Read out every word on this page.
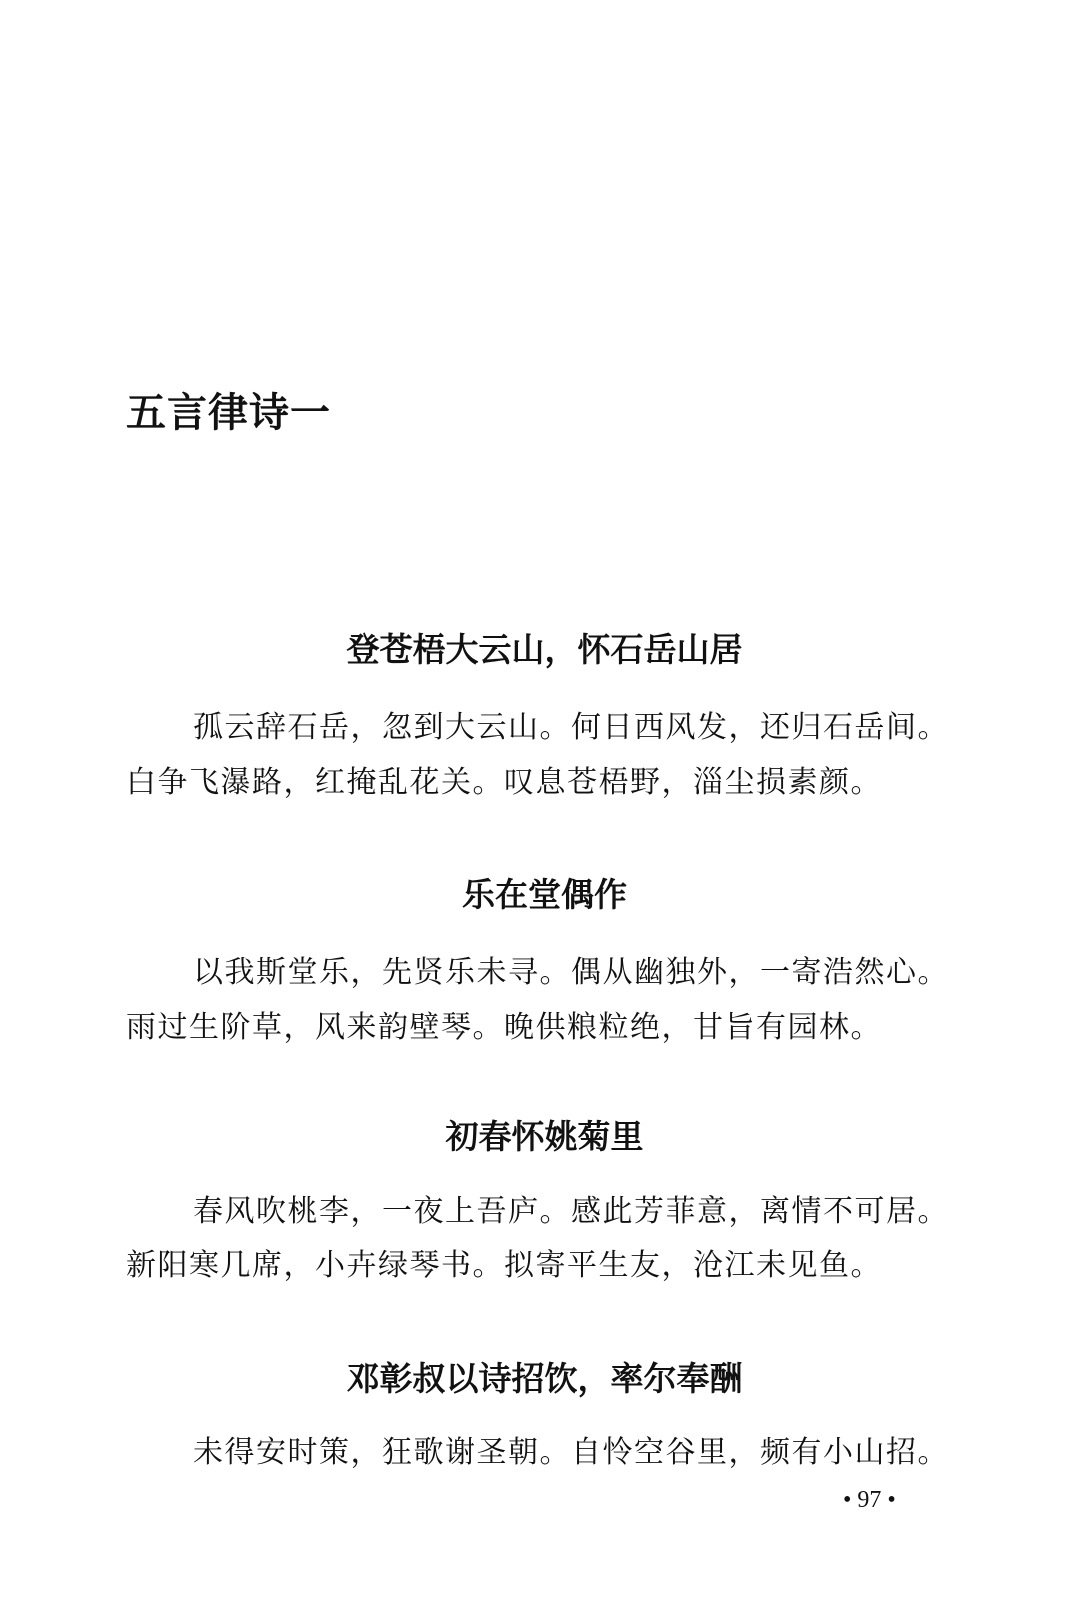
五言律诗一
登苍梧大云山，怀石岳山居
孤云辞石岳，忽到大云山。何日西风发，还归石岳间。
白争飞瀑路，红掩乱花关。叹息苍梧野，淄尘损素颜。
乐在堂偶作
以我斯堂乐，先贤乐未寻。偶从幽独外，一寄浩然心。
雨过生阶草，风来韵壁琴。晚供粮粒绝，甘旨有园林。
初春怀姚菊里
春风吹桃李，一夜上吾庐。感此芳菲意，离情不可居。
新阳寒几席，小卉绿琴书。拟寄平生友，沧江未见鱼。
邓彰叔以诗招饮，率尔奉酬
未得安时策，狂歌谢圣朝。自怜空谷里，频有小山招。
• 97 •
